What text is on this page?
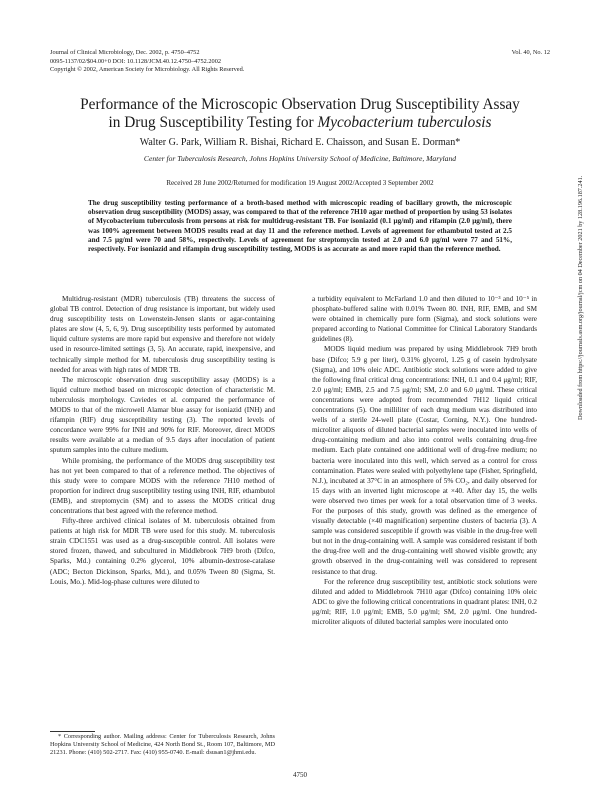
Journal of Clinical Microbiology, Dec. 2002, p. 4750–4752
0095-1137/02/$04.00+0 DOI: 10.1128/JCM.40.12.4750–4752.2002
Copyright © 2002, American Society for Microbiology. All Rights Reserved.
Vol. 40, No. 12
Performance of the Microscopic Observation Drug Susceptibility Assay
in Drug Susceptibility Testing for Mycobacterium tuberculosis
Walter G. Park, William R. Bishai, Richard E. Chaisson, and Susan E. Dorman*
Center for Tuberculosis Research, Johns Hopkins University School of Medicine, Baltimore, Maryland
Received 28 June 2002/Returned for modification 19 August 2002/Accepted 3 September 2002
The drug susceptibility testing performance of a broth-based method with microscopic reading of bacillary growth, the microscopic observation drug susceptibility (MODS) assay, was compared to that of the reference 7H10 agar method of proportion by using 53 isolates of Mycobacterium tuberculosis from persons at risk for multidrug-resistant TB. For isoniazid (0.1 μg/ml) and rifampin (2.0 μg/ml), there was 100% agreement between MODS results read at day 11 and the reference method. Levels of agreement for ethambutol tested at 2.5 and 7.5 μg/ml were 70 and 58%, respectively. Levels of agreement for streptomycin tested at 2.0 and 6.0 μg/ml were 77 and 51%, respectively. For isoniazid and rifampin drug susceptibility testing, MODS is as accurate as and more rapid than the reference method.

Multidrug-resistant (MDR) tuberculosis (TB) threatens the success of global TB control. Detection of drug resistance is important, but widely used drug susceptibility tests on Lowenstein-Jensen slants or agar-containing plates are slow (4, 5, 6, 9). Drug susceptibility tests performed by automated liquid culture systems are more rapid but expensive and therefore not widely used in resource-limited settings (3, 5). An accurate, rapid, inexpensive, and technically simple method for M. tuberculosis drug susceptibility testing is needed for areas with high rates of MDR TB.

The microscopic observation drug susceptibility assay (MODS) is a liquid culture method based on microscopic detection of characteristic M. tuberculosis morphology. Caviedes et al. compared the performance of MODS to that of the microwell Alamar blue assay for isoniazid (INH) and rifampin (RIF) drug susceptibility testing (3). The reported levels of concordance were 99% for INH and 90% for RIF. Moreover, direct MODS results were available at a median of 9.5 days after inoculation of patient sputum samples into the culture medium.

While promising, the performance of the MODS drug susceptibility test has not yet been compared to that of a reference method. The objectives of this study were to compare MODS with the reference 7H10 method of proportion for indirect drug susceptibility testing using INH, RIF, ethambutol (EMB), and streptomycin (SM) and to assess the MODS critical drug concentrations that best agreed with the reference method.

Fifty-three archived clinical isolates of M. tuberculosis obtained from patients at high risk for MDR TB were used for this study. M. tuberculosis strain CDC1551 was used as a drug-susceptible control. All isolates were stored frozen, thawed, and subcultured in Middlebrook 7H9 broth (Difco, Sparks, Md.) containing 0.2% glycerol, 10% albumin-dextrose-catalase (ADC; Becton Dickinson, Sparks, Md.), and 0.05% Tween 80 (Sigma, St. Louis, Mo.). Mid-log-phase cultures were diluted to

a turbidity equivalent to McFarland 1.0 and then diluted to 10⁻³ and 10⁻⁵ in phosphate-buffered saline with 0.01% Tween 80. INH, RIF, EMB, and SM were obtained in chemically pure form (Sigma), and stock solutions were prepared according to National Committee for Clinical Laboratory Standards guidelines (8).

MODS liquid medium was prepared by using Middlebrook 7H9 broth base (Difco; 5.9 g per liter), 0.31% glycerol, 1.25 g of casein hydrolysate (Sigma), and 10% oleic ADC. Antibiotic stock solutions were added to give the following final critical drug concentrations: INH, 0.1 and 0.4 μg/ml; RIF, 2.0 μg/ml; EMB, 2.5 and 7.5 μg/ml; SM, 2.0 and 6.0 μg/ml. These critical concentrations were adopted from recommended 7H12 liquid critical concentrations (5). One milliliter of each drug medium was distributed into wells of a sterile 24-well plate (Costar, Corning, N.Y.). One hundred-microliter aliquots of diluted bacterial samples were inoculated into wells of drug-containing medium and also into control wells containing drug-free medium. Each plate contained one additional well of drug-free medium; no bacteria were inoculated into this well, which served as a control for cross contamination. Plates were sealed with polyethylene tape (Fisher, Springfield, N.J.), incubated at 37°C in an atmosphere of 5% CO₂, and daily observed for 15 days with an inverted light microscope at ×40. After day 15, the wells were observed two times per week for a total observation time of 3 weeks. For the purposes of this study, growth was defined as the emergence of visually detectable (×40 magnification) serpentine clusters of bacteria (3). A sample was considered susceptible if growth was visible in the drug-free well but not in the drug-containing well. A sample was considered resistant if both the drug-free well and the drug-containing well showed visible growth; any growth observed in the drug-containing well was considered to represent resistance to that drug.

For the reference drug susceptibility test, antibiotic stock solutions were diluted and added to Middlebrook 7H10 agar (Difco) containing 10% oleic ADC to give the following critical concentrations in quadrant plates: INH, 0.2 μg/ml; RIF, 1.0 μg/ml; EMB, 5.0 μg/ml; SM, 2.0 μg/ml. One hundred-microliter aliquots of diluted bacterial samples were inoculated onto

* Corresponding author. Mailing address: Center for Tuberculosis Research, Johns Hopkins University School of Medicine, 424 North Bond St., Room 107, Baltimore, MD 21231. Phone: (410) 502-2717. Fax: (410) 955-0740. E-mail: dsusan1@jhmi.edu.
4750
Downloaded from https://journals.asm.org/journal/jcm on 04 December 2021 by 128.196.187.241.
